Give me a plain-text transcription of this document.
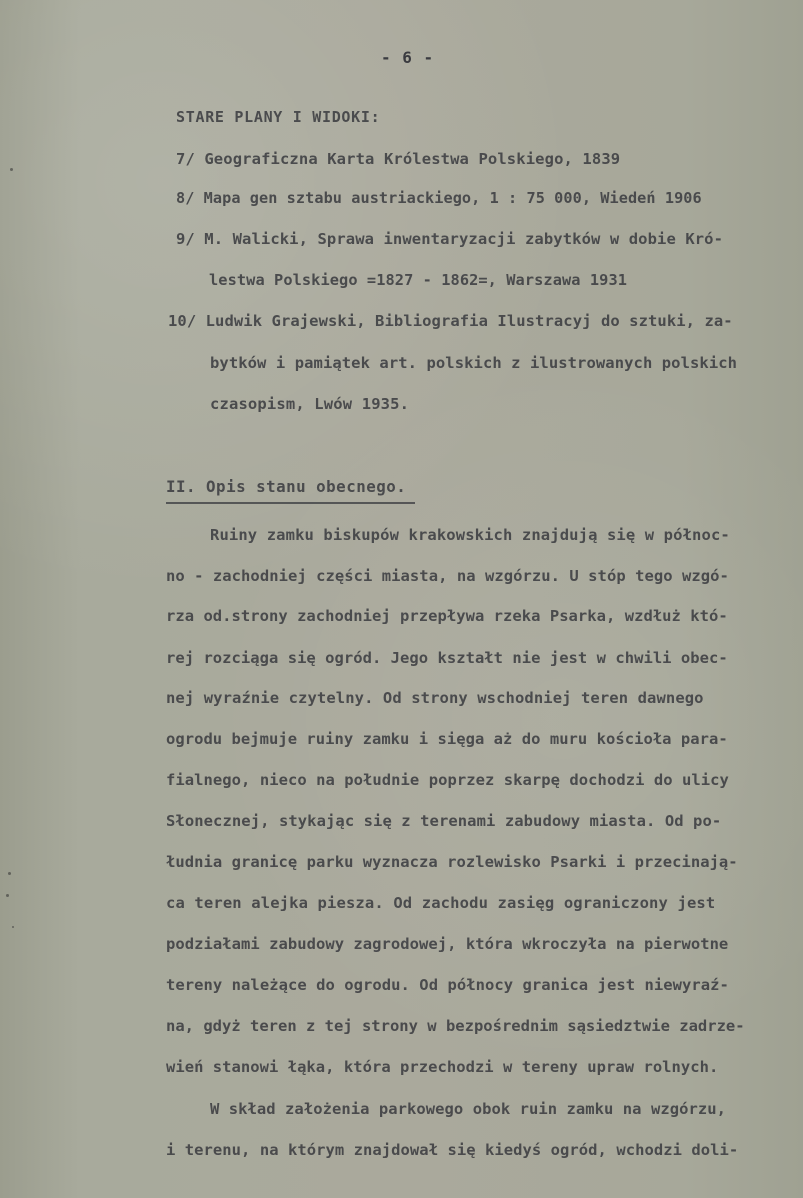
- 6 -
STARE PLANY I WIDOKI:
7/ Geograficzna Karta Królestwa Polskiego, 1839
8/ Mapa gen sztabu austriackiego, 1 : 75 000, Wiedeń 1906
9/ M. Walicki, Sprawa inwentaryzacji zabytków w dobie Kró-
lestwa Polskiego =1827 ‑ 1862=, Warszawa 1931
10/ Ludwik Grajewski, Bibliografia Ilustracyj do sztuki, za-
bytków i pamiątek art. polskich z ilustrowanych polskich
czasopism, Lwów 1935.
II. Opis stanu obecnego.
Ruiny zamku biskupów krakowskich znajdują się w północ-
no - zachodniej części miasta, na wzgórzu. U stóp tego wzgó-
rza od.strony zachodniej przepływa rzeka Psarka, wzdłuż któ-
rej rozciąga się ogród. Jego kształt nie jest w chwili obec-
nej wyraźnie czytelny. Od strony wschodniej teren dawnego
ogrodu bejmuje ruiny zamku i sięga aż do muru kościoła para-
fialnego, nieco na południe poprzez skarpę dochodzi do ulicy
Słonecznej, stykając się z terenami zabudowy miasta. Od po-
łudnia granicę parku wyznacza rozlewisko Psarki i przecinają-
ca teren alejka piesza. Od zachodu zasięg ograniczony jest
podziałami zabudowy zagrodowej, która wkroczyła na pierwotne
tereny należące do ogrodu. Od północy granica jest niewyraź-
na, gdyż teren z tej strony w bezpośrednim sąsiedztwie zadrze-
wień stanowi łąka, która przechodzi w tereny upraw rolnych.
W skład założenia parkowego obok ruin zamku na wzgórzu,
i terenu, na którym znajdował się kiedyś ogród, wchodzi doli-
